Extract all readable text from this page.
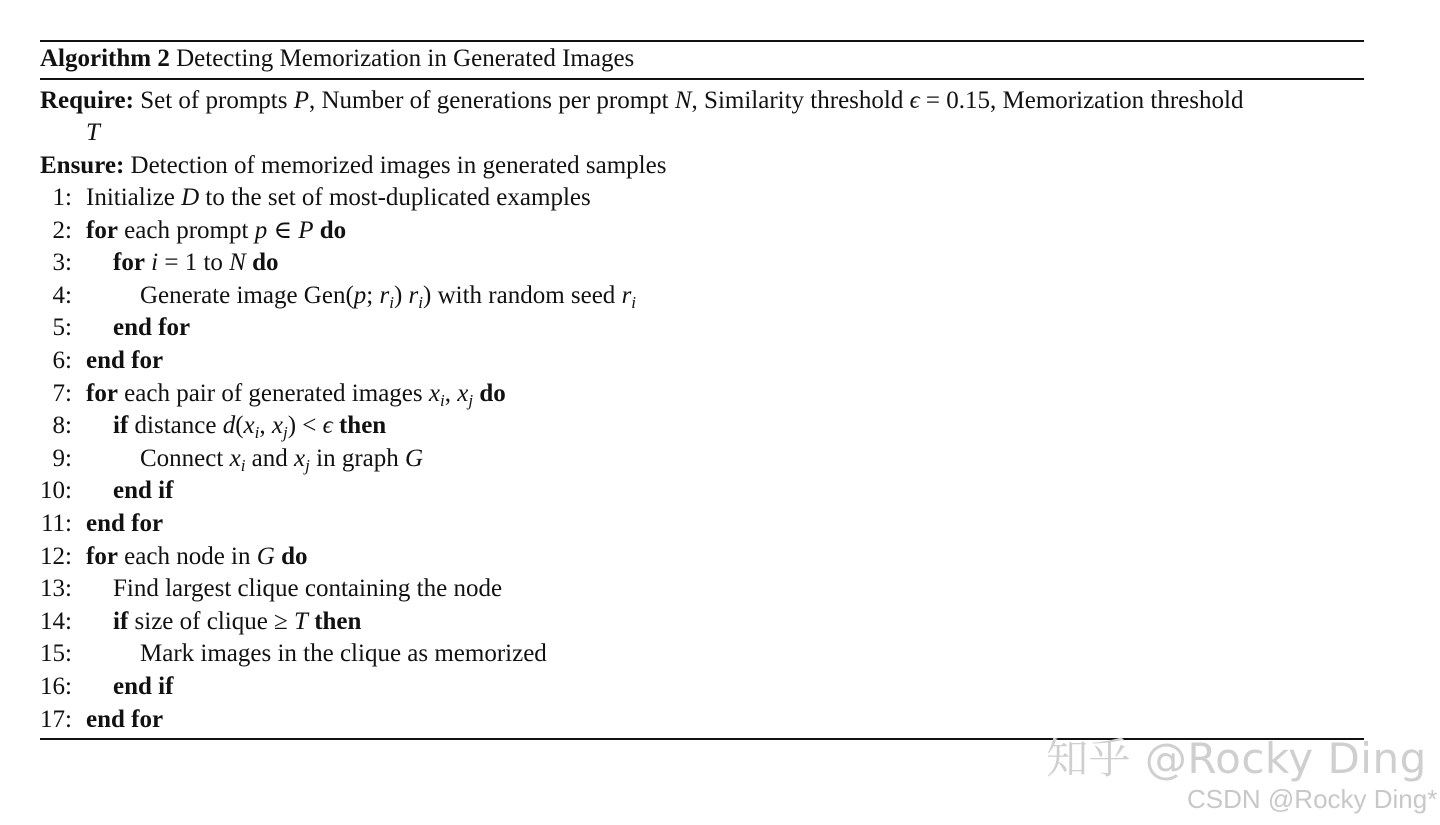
Algorithm 2 Detecting Memorization in Generated Images
Require: Set of prompts P, Number of generations per prompt N, Similarity threshold ϵ = 0.15, Memorization threshold
T
Ensure: Detection of memorized images in generated samples
1: Initialize D to the set of most-duplicated examples
2: for each prompt p ∈ P do
3: for i = 1 to N do
4:	Generate image Gen(p; $r_i$) $r_i$) with random seed $r_i$
5: end for
6: end for
7: for each pair of generated images $x_i$, $x_j$ do
8: if distance $d(x_i$, $x_j) < \epsilon$ then
9:	Connect $x_i$ and $x_j$ in graph G
10: end if
11: end for
12: for each node in G do
13: Find largest clique containing the node
14: if size of clique ≥ T then
15:	Mark images in the clique as memorized
16: end if
17: end for
知乎 @Rocky Ding
CSDN @Rocky Ding*
